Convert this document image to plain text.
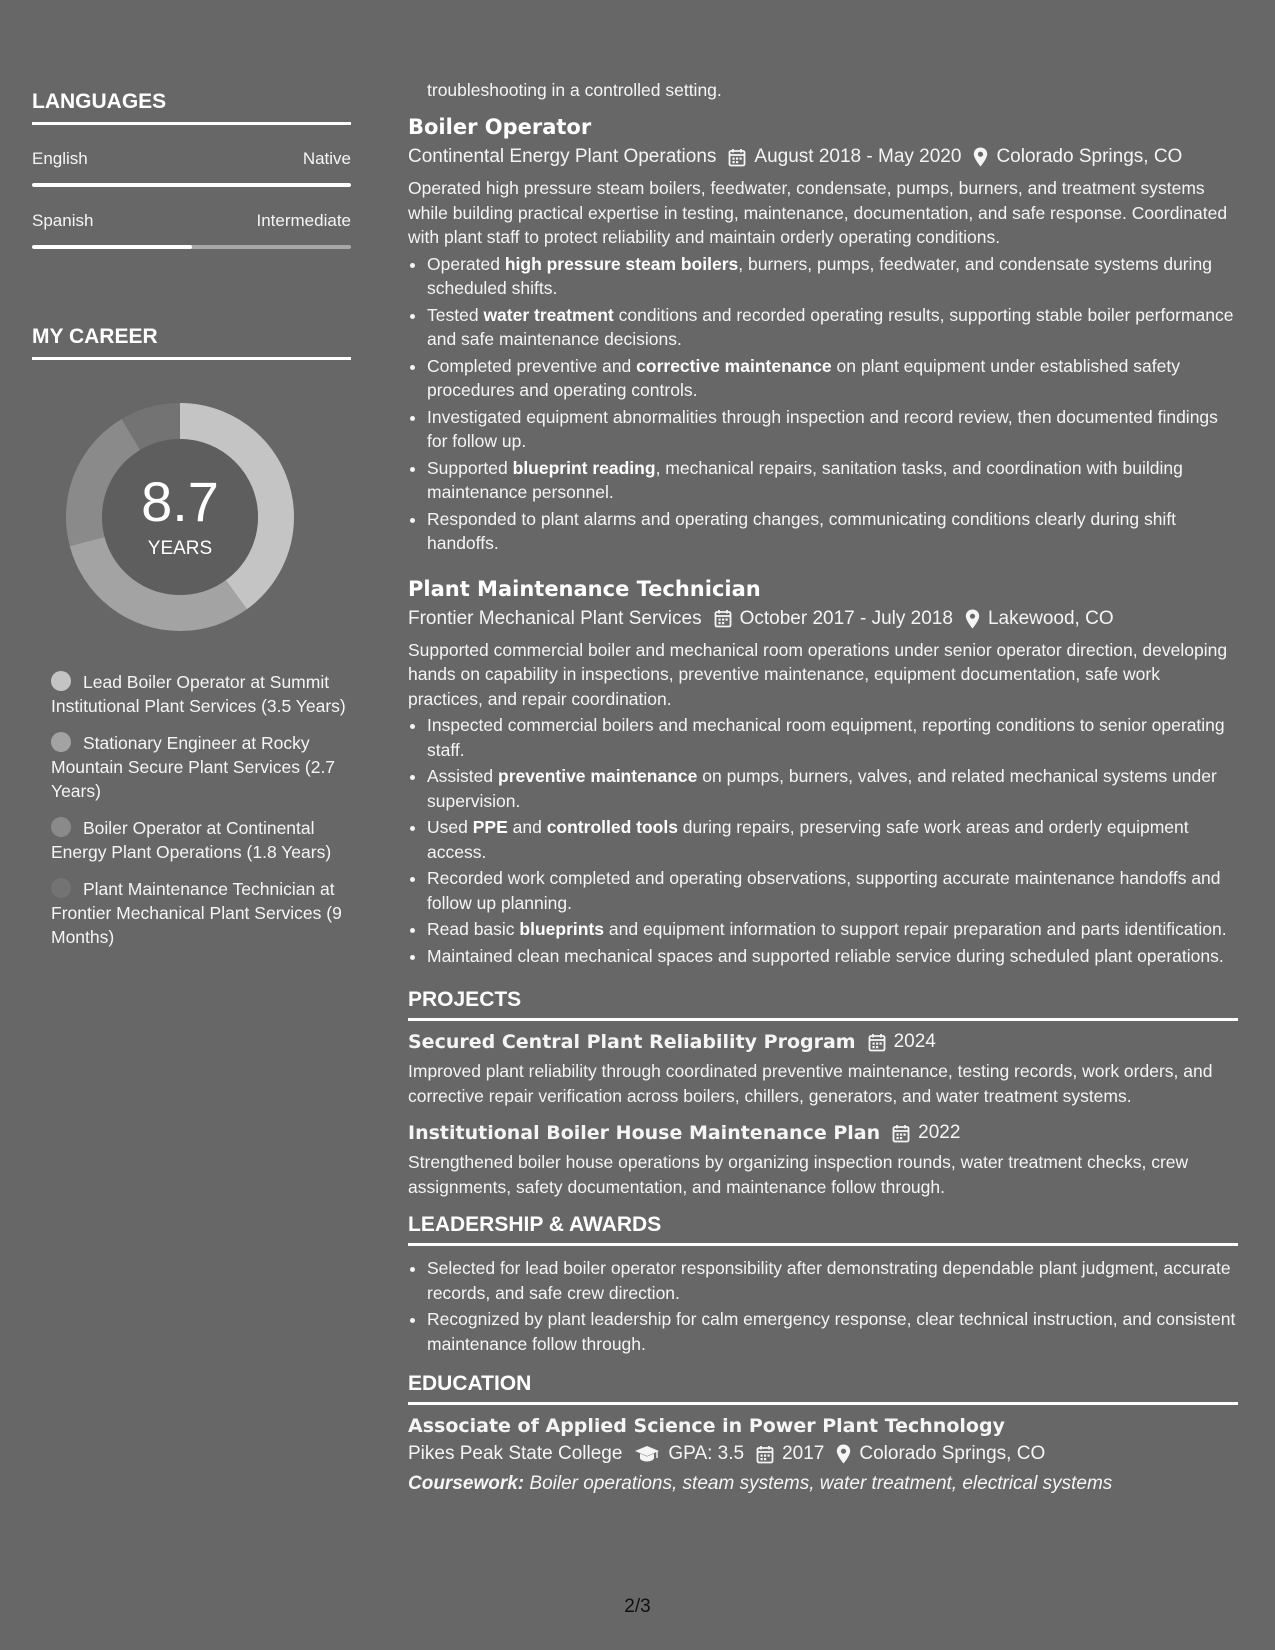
LANGUAGES
English	Native
Spanish	Intermediate
MY CAREER
8.7
YEARS
Lead Boiler Operator at Summit Institutional Plant Services (3.5 Years)
Stationary Engineer at Rocky Mountain Secure Plant Services (2.7 Years)
Boiler Operator at Continental Energy Plant Operations (1.8 Years)
Plant Maintenance Technician at Frontier Mechanical Plant Services (9 Months)

troubleshooting in a controlled setting.

Boiler Operator
Continental Energy Plant Operations August 2018 - May 2020 Colorado Springs, CO

Operated high pressure steam boilers, feedwater, condensate, pumps, burners, and treatment systems while building practical expertise in testing, maintenance, documentation, and safe response. Coordinated with plant staff to protect reliability and maintain orderly operating conditions.

• Operated high pressure steam boilers, burners, pumps, feedwater, and condensate systems during scheduled shifts.
• Tested water treatment conditions and recorded operating results, supporting stable boiler performance and safe maintenance decisions.
• Completed preventive and corrective maintenance on plant equipment under established safety procedures and operating controls.
• Investigated equipment abnormalities through inspection and record review, then documented findings for follow up.
• Supported blueprint reading, mechanical repairs, sanitation tasks, and coordination with building maintenance personnel.
• Responded to plant alarms and operating changes, communicating conditions clearly during shift handoffs.
Plant Maintenance Technician
Frontier Mechanical Plant Services October 2017 - July 2018 Lakewood, CO

Supported commercial boiler and mechanical room operations under senior operator direction, developing hands on capability in inspections, preventive maintenance, equipment documentation, safe work practices, and repair coordination.

• Inspected commercial boilers and mechanical room equipment, reporting conditions to senior operating staff.
• Assisted preventive maintenance on pumps, burners, valves, and related mechanical systems under supervision.
• Used PPE and controlled tools during repairs, preserving safe work areas and orderly equipment access.
• Recorded work completed and operating observations, supporting accurate maintenance handoffs and follow up planning.
• Read basic blueprints and equipment information to support repair preparation and parts identification.
• Maintained clean mechanical spaces and supported reliable service during scheduled plant operations.
PROJECTS
Secured Central Plant Reliability Program 2024

Improved plant reliability through coordinated preventive maintenance, testing records, work orders, and corrective repair verification across boilers, chillers, generators, and water treatment systems.

Institutional Boiler House Maintenance Plan 2022

Strengthened boiler house operations by organizing inspection rounds, water treatment checks, crew assignments, safety documentation, and maintenance follow through.

LEADERSHIP & AWARDS
• Selected for lead boiler operator responsibility after demonstrating dependable plant judgment, accurate records, and safe crew direction.
• Recognized by plant leadership for calm emergency response, clear technical instruction, and consistent maintenance follow through.
EDUCATION
Associate of Applied Science in Power Plant Technology
Pikes Peak State College GPA: 3.5 2017 Colorado Springs, CO
Coursework: Boiler operations, steam systems, water treatment, electrical systems
2/3
